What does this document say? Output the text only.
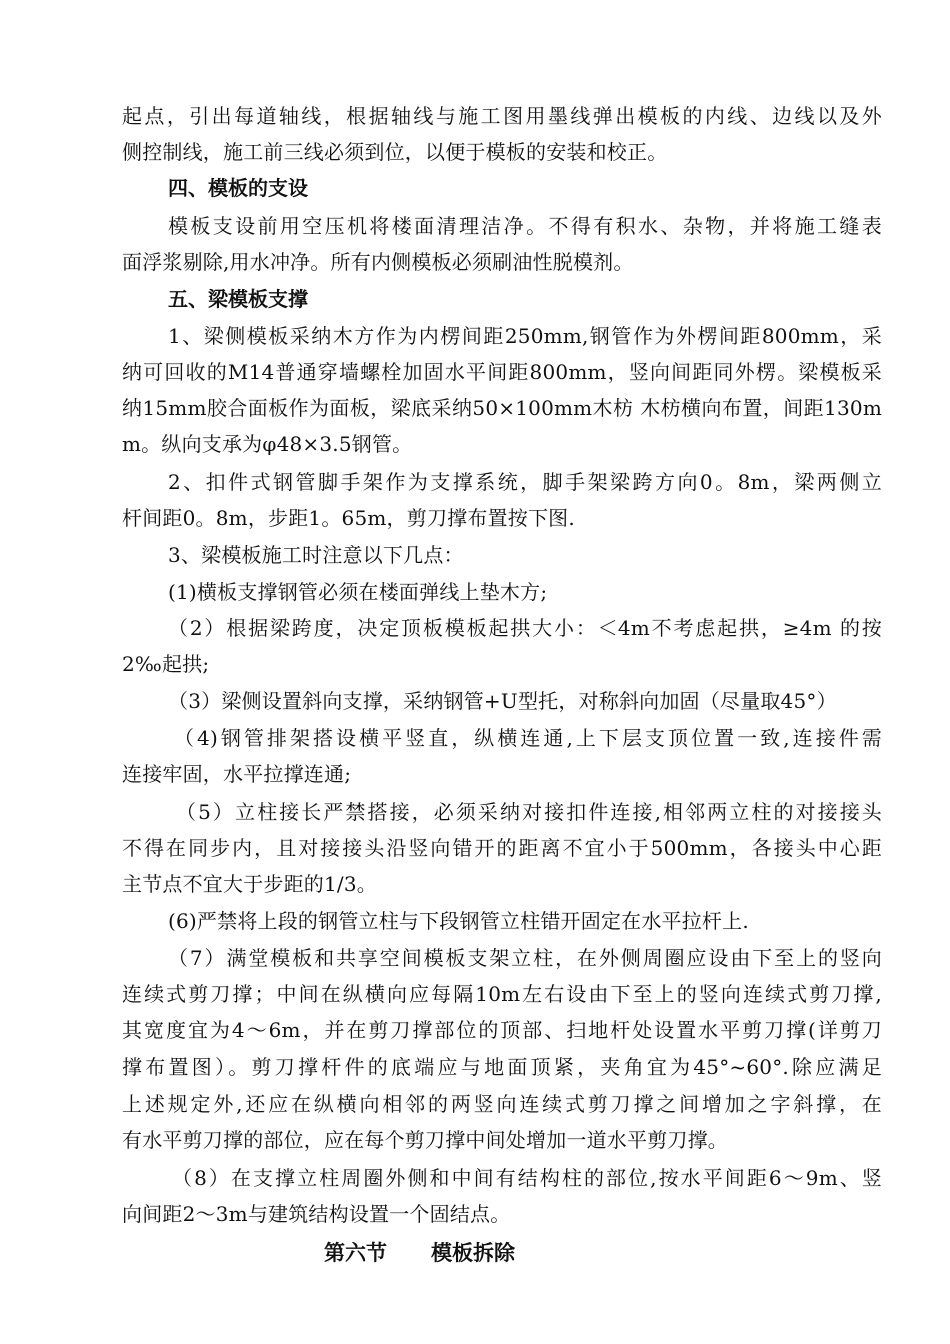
起点，引出每道轴线，根据轴线与施工图用墨线弹出模板的内线、边线以及外
侧控制线，施工前三线必须到位，以便于模板的安装和校正。
四、模板的支设
模板支设前用空压机将楼面清理洁净。不得有积水、杂物，并将施工缝表
面浮浆剔除,用水冲净。所有内侧模板必须刷油性脱模剂。
五、梁模板支撑
1、梁侧模板采纳木方作为内楞间距250mm,钢管作为外楞间距800mm，采
纳可回收的M14普通穿墙螺栓加固水平间距800mm，竖向间距同外楞。梁模板采
纳15mm胶合面板作为面板，梁底采纳50×100mm木枋 木枋横向布置，间距130m
m。纵向支承为φ48×3.5钢管。
2、扣件式钢管脚手架作为支撑系统，脚手架梁跨方向0。8m，梁两侧立
杆间距0。8m，步距1。65m，剪刀撑布置按下图.
3、梁模板施工时注意以下几点：
(1)横板支撑钢管必须在楼面弹线上垫木方;
（2）根据梁跨度，决定顶板模板起拱大小：＜4m不考虑起拱，≥4m 的按
2‰起拱;
（3）梁侧设置斜向支撑，采纳钢管+U型托，对称斜向加固（尽量取45°）
（4)钢管排架搭设横平竖直，纵横连通,上下层支顶位置一致,连接件需
连接牢固，水平拉撑连通;
（5）立柱接长严禁搭接，必须采纳对接扣件连接,相邻两立柱的对接接头
不得在同步内，且对接接头沿竖向错开的距离不宜小于500mm，各接头中心距
主节点不宜大于步距的1/3。
(6)严禁将上段的钢管立柱与下段钢管立柱错开固定在水平拉杆上.
（7）满堂模板和共享空间模板支架立柱，在外侧周圈应设由下至上的竖向
连续式剪刀撑；中间在纵横向应每隔10m左右设由下至上的竖向连续式剪刀撑,
其宽度宜为4～6m，并在剪刀撑部位的顶部、扫地杆处设置水平剪刀撑(详剪刀
撑布置图）。剪刀撑杆件的底端应与地面顶紧，夹角宜为45°~60°.除应满足
上述规定外,还应在纵横向相邻的两竖向连续式剪刀撑之间增加之字斜撑，在
有水平剪刀撑的部位，应在每个剪刀撑中间处增加一道水平剪刀撑。
（8）在支撑立柱周圈外侧和中间有结构柱的部位,按水平间距6～9m、竖
向间距2～3m与建筑结构设置一个固结点。
第六节 模板拆除
